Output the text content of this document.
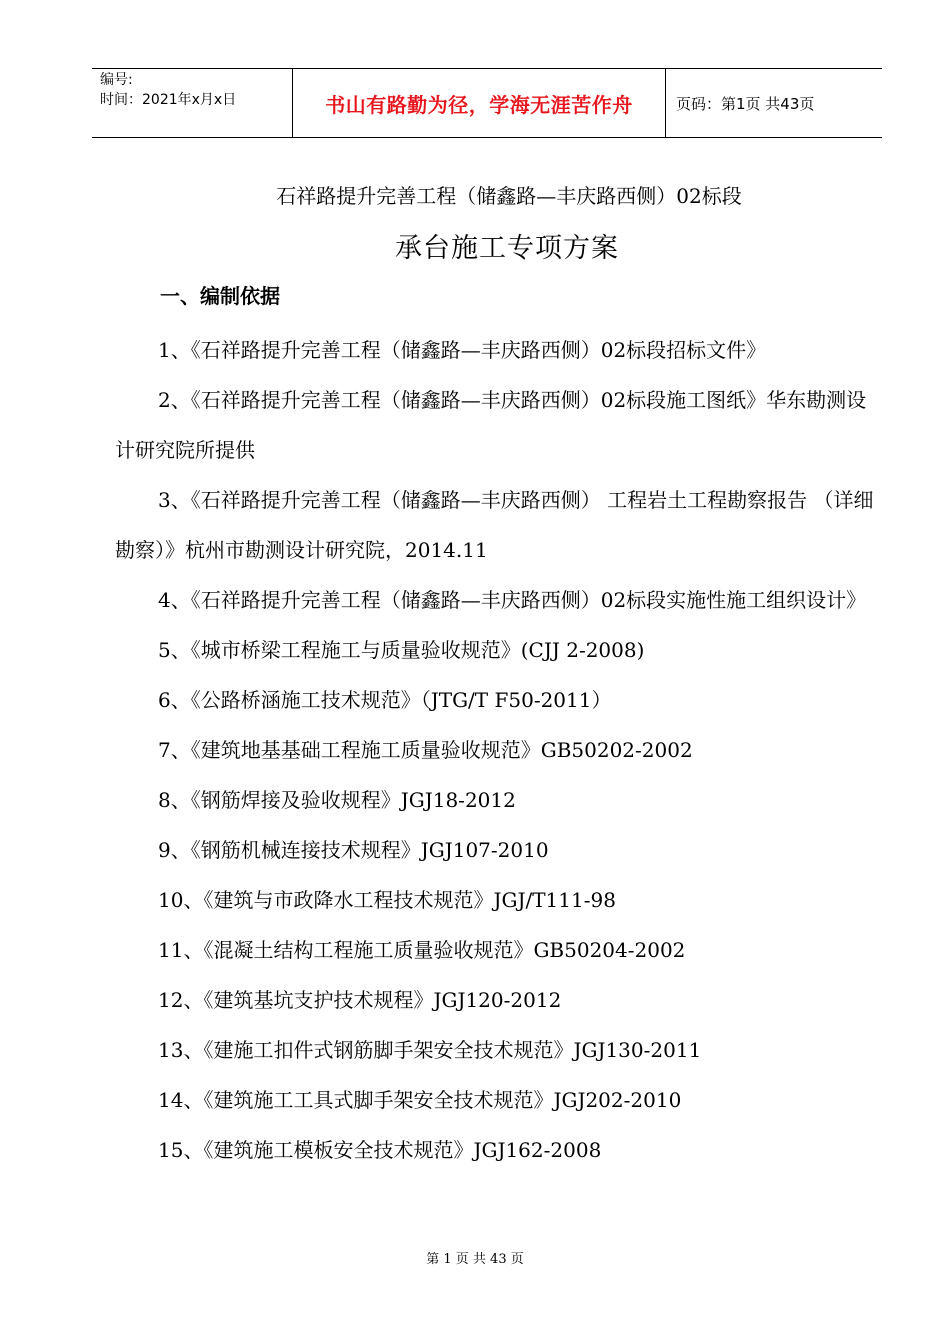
编号:
时间：2021年x月x日	书山有路勤为径，学海无涯苦作舟	页码：第1页 共43页
石祥路提升完善工程（储鑫路—丰庆路西侧）02标段
承台施工专项方案
一、编制依据
1、《石祥路提升完善工程（储鑫路—丰庆路西侧）02标段招标文件》
2、《石祥路提升完善工程（储鑫路—丰庆路西侧）02标段施工图纸》华东勘测设计研究院所提供
3、《石祥路提升完善工程（储鑫路—丰庆路西侧） 工程岩土工程勘察报告 （详细勘察）》杭州市勘测设计研究院，2014.11
4、《石祥路提升完善工程（储鑫路—丰庆路西侧）02标段实施性施工组织设计》
5、《城市桥梁工程施工与质量验收规范》(CJJ 2-2008)
6、《公路桥涵施工技术规范》（JTG/T F50-2011）
7、《建筑地基基础工程施工质量验收规范》GB50202-2002
8、《钢筋焊接及验收规程》JGJ18-2012
9、《钢筋机械连接技术规程》JGJ107-2010
10、《建筑与市政降水工程技术规范》JGJ/T111-98
11、《混凝土结构工程施工质量验收规范》GB50204-2002
12、《建筑基坑支护技术规程》JGJ120-2012
13、《建施工扣件式钢筋脚手架安全技术规范》JGJ130-2011
14、《建筑施工工具式脚手架安全技术规范》JGJ202-2010
15、《建筑施工模板安全技术规范》JGJ162-2008
第 1 页 共 43 页
